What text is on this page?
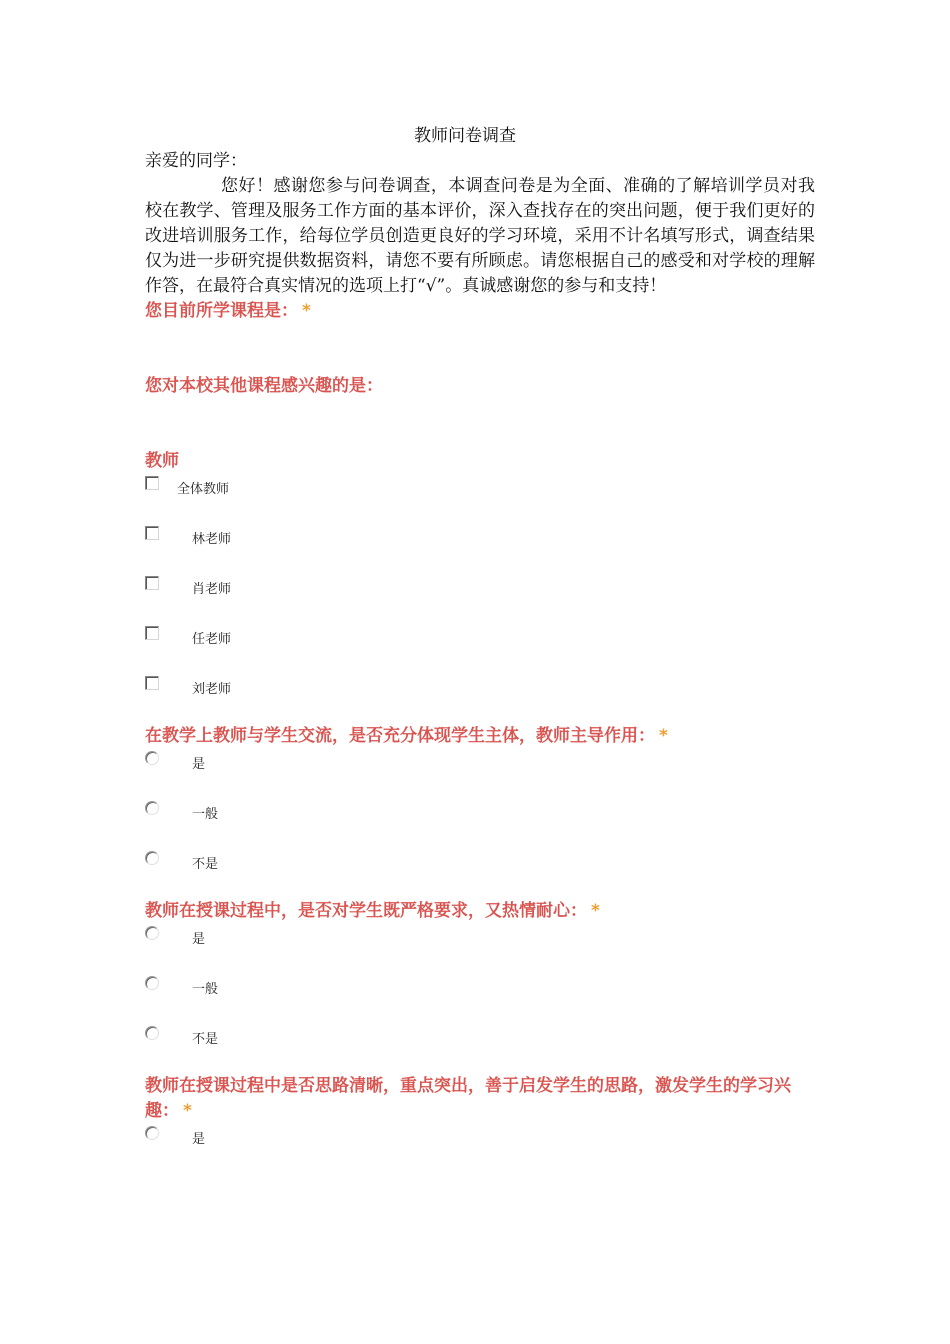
教师问卷调查

亲爱的同学：

您好！感谢您参与问卷调查，本调查问卷是为全面、准确的了解培训学员对我校在教学、管理及服务工作方面的基本评价，深入查找存在的突出问题，便于我们更好的改进培训服务工作，给每位学员创造更良好的学习环境，采用不计名填写形式，调查结果仅为进一步研究提供数据资料，请您不要有所顾虑。请您根据自己的感受和对学校的理解作答，在最符合真实情况的选项上打“√”。真诚感谢您的参与和支持！

您目前所学课程是： *

您对本校其他课程感兴趣的是：

教师

全体教师
林老师
肖老师
任老师
刘老师

在教学上教师与学生交流，是否充分体现学生主体，教师主导作用： *

是
一般
不是

教师在授课过程中，是否对学生既严格要求，又热情耐心： *

是
一般
不是

教师在授课过程中是否思路清晰，重点突出，善于启发学生的思路，激发学生的学习兴趣： *

是
